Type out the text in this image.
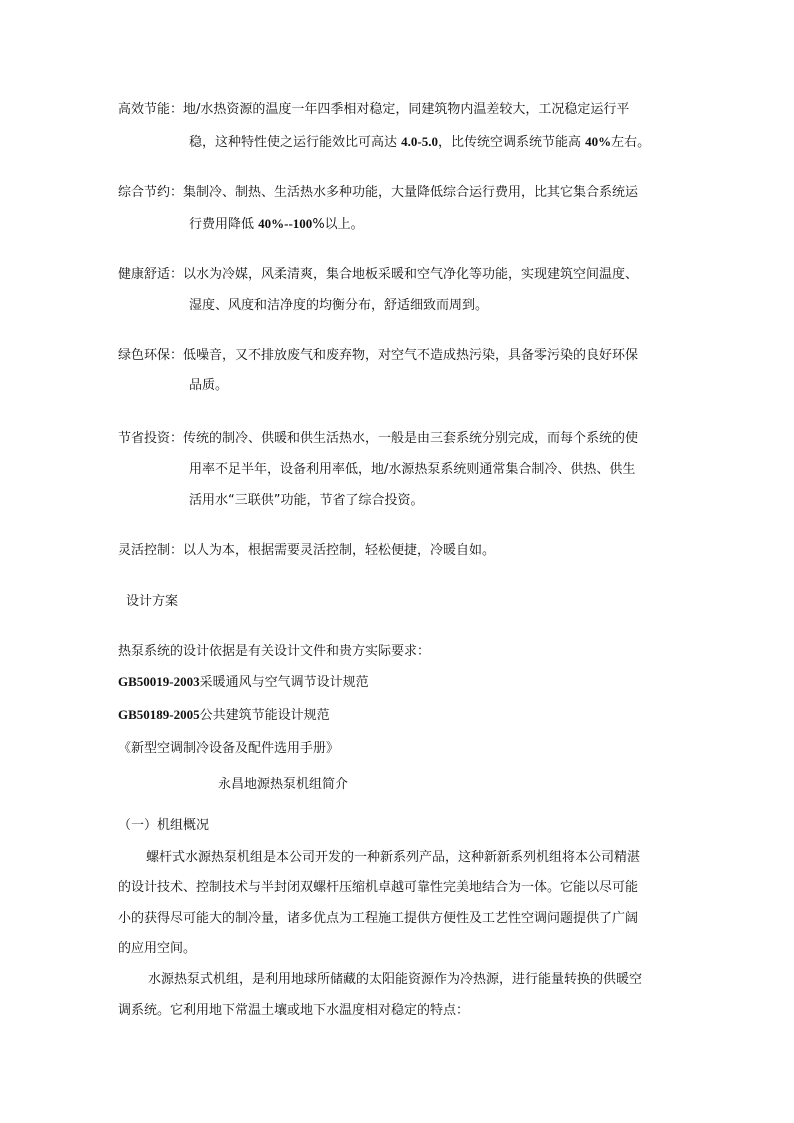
高效节能：地/水热资源的温度一年四季相对稳定，同建筑物内温差较大，工况稳定运行平
稳，这种特性使之运行能效比可高达 4.0-5.0，比传统空调系统节能高 40%左右。
综合节约：集制冷、制热、生活热水多种功能，大量降低综合运行费用，比其它集合系统运
行费用降低 40%--100%以上。
健康舒适：以水为冷媒，风柔清爽，集合地板采暖和空气净化等功能，实现建筑空间温度、
湿度、风度和洁净度的均衡分布，舒适细致而周到。
绿色环保：低噪音，又不排放废气和废弃物，对空气不造成热污染，具备零污染的良好环保
品质。
节省投资：传统的制冷、供暖和供生活热水，一般是由三套系统分别完成，而每个系统的使
用率不足半年，设备利用率低，地/水源热泵系统则通常集合制冷、供热、供生
活用水“三联供”功能，节省了综合投资。
灵活控制：以人为本，根据需要灵活控制，轻松便捷，冷暖自如。
设计方案
热泵系统的设计依据是有关设计文件和贵方实际要求：
GB50019-2003采暖通风与空气调节设计规范
GB50189-2005公共建筑节能设计规范
《新型空调制冷设备及配件选用手册》
永昌地源热泵机组简介
（一）机组概况
螺杆式水源热泵机组是本公司开发的一种新系列产品，这种新新系列机组将本公司精湛
的设计技术、控制技术与半封闭双螺杆压缩机卓越可靠性完美地结合为一体。它能以尽可能
小的获得尽可能大的制冷量，诸多优点为工程施工提供方便性及工艺性空调问题提供了广阔
的应用空间。
水源热泵式机组，是利用地球所储藏的太阳能资源作为冷热源，进行能量转换的供暖空
调系统。它利用地下常温土壤或地下水温度相对稳定的特点：
